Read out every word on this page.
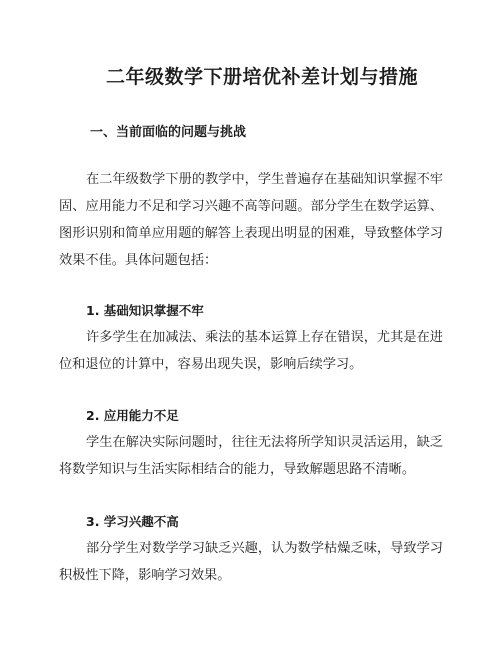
二年级数学下册培优补差计划与措施
一、当前面临的问题与挑战

在二年级数学下册的教学中，学生普遍存在基础知识掌握不牢固、应用能力不足和学习兴趣不高等问题。部分学生在数学运算、图形识别和简单应用题的解答上表现出明显的困难，导致整体学习效果不佳。具体问题包括：

1. 基础知识掌握不牢

许多学生在加减法、乘法的基本运算上存在错误，尤其是在进位和退位的计算中，容易出现失误，影响后续学习。

2. 应用能力不足

学生在解决实际问题时，往往无法将所学知识灵活运用，缺乏将数学知识与生活实际相结合的能力，导致解题思路不清晰。

3. 学习兴趣不高

部分学生对数学学习缺乏兴趣，认为数学枯燥乏味，导致学习积极性下降，影响学习效果。
